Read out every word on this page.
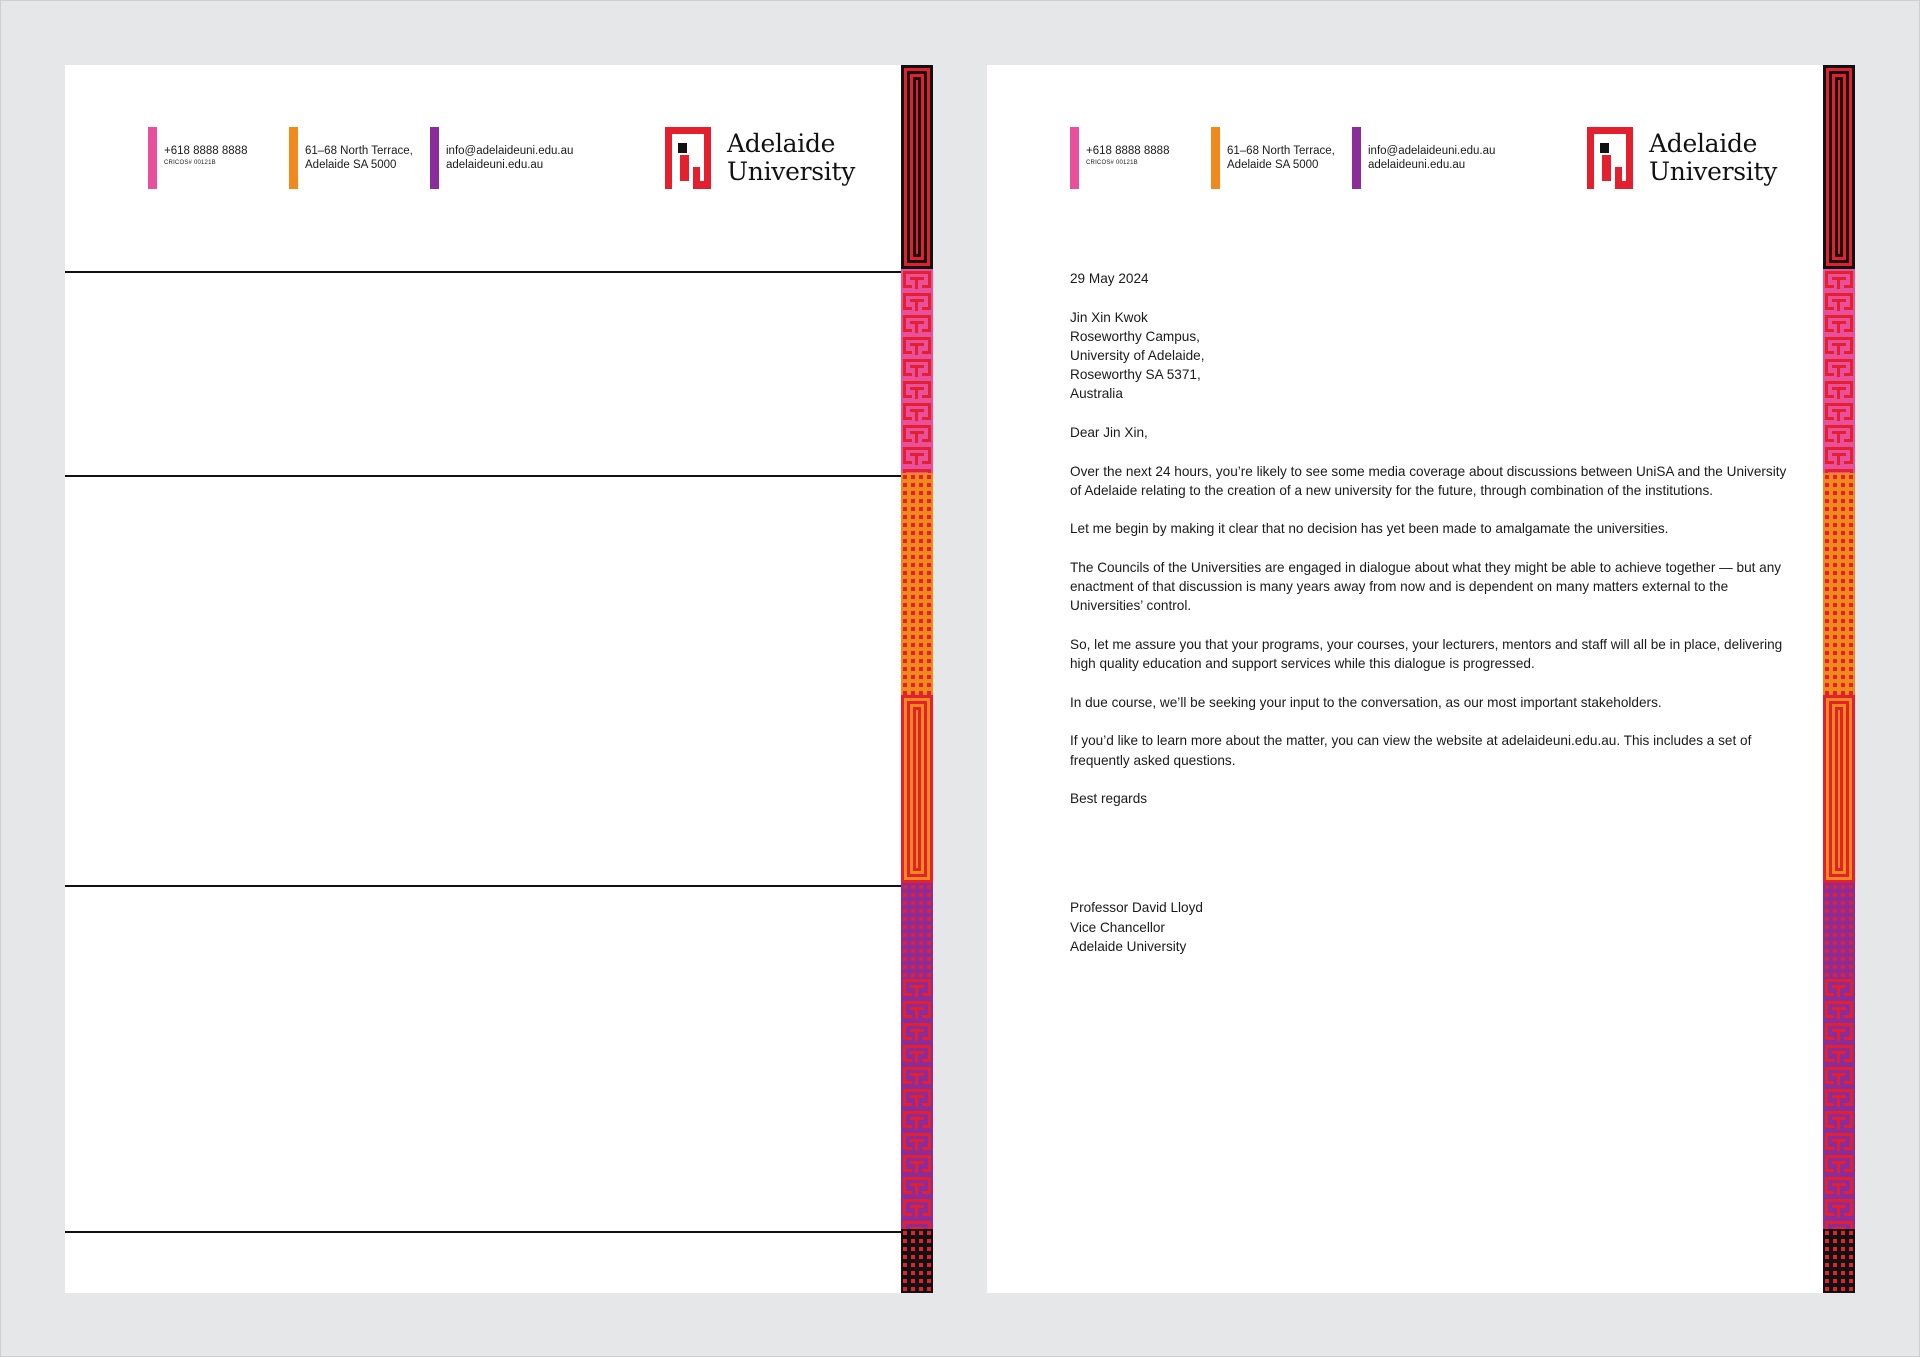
+618 8888 8888
CRICOS# 00121B
61–68 North Terrace,
Adelaide SA 5000
info@adelaideuni.edu.au
adelaideuni.edu.au
Adelaide
University
+618 8888 8888
CRICOS# 00121B
61–68 North Terrace,
Adelaide SA 5000
info@adelaideuni.edu.au
adelaideuni.edu.au
Adelaide
University

29 May 2024

Jin Xin Kwok
Roseworthy Campus,
University of Adelaide,
Roseworthy SA 5371,
Australia

Dear Jin Xin,

Over the next 24 hours, you’re likely to see some media coverage about discussions between UniSA and the University of Adelaide relating to the creation of a new university for the future, through combination of the institutions.

Let me begin by making it clear that no decision has yet been made to amalgamate the universities.

The Councils of the Universities are engaged in dialogue about what they might be able to achieve together — but any enactment of that discussion is many years away from now and is dependent on many matters external to the Universities’ control.

So, let me assure you that your programs, your courses, your lecturers, mentors and staff will all be in place, delivering high quality education and support services while this dialogue is progressed.

In due course, we’ll be seeking your input to the conversation, as our most important stakeholders.

If you’d like to learn more about the matter, you can view the website at adelaideuni.edu.au. This includes a set of frequently asked questions.

Best regards

Professor David Lloyd
Vice Chancellor
Adelaide University
